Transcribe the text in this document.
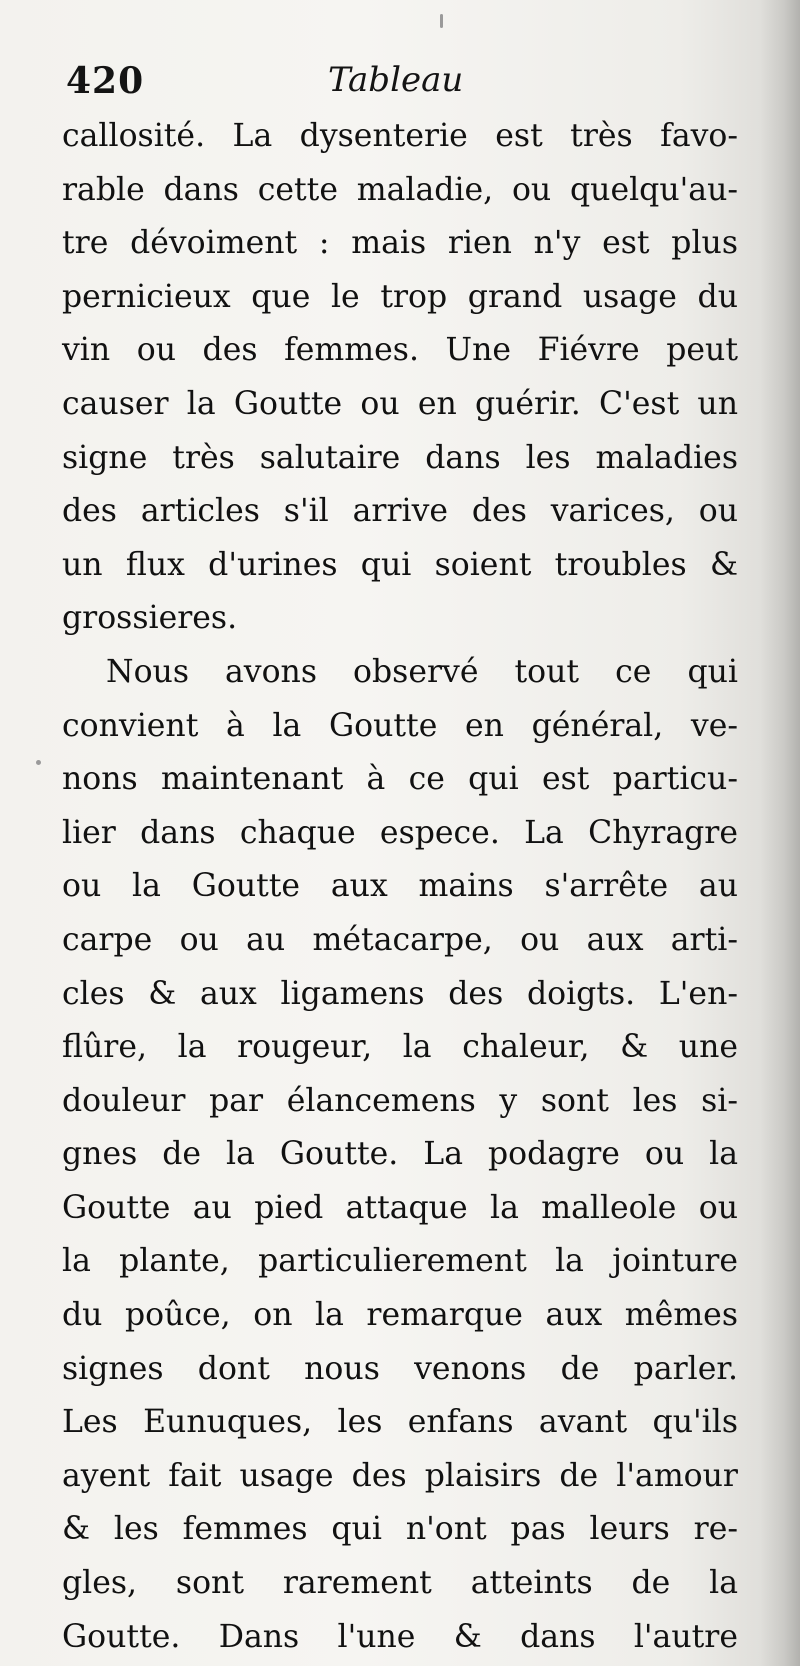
420	Tableau
callosité. La dysenterie est très favo-
rable dans cette maladie, ou quelqu'au-
tre dévoiment : mais rien n'y est plus
pernicieux que le trop grand usage du
vin ou des femmes. Une Fiévre peut
causer la Goutte ou en guérir. C'est un
signe très salutaire dans les maladies
des articles s'il arrive des varices, ou
un flux d'urines qui soient troubles &
grossieres.
Nous avons observé tout ce qui
convient à la Goutte en général, ve-
nons maintenant à ce qui est particu-
lier dans chaque espece. La Chyragre
ou la Goutte aux mains s'arrête au
carpe ou au métacarpe, ou aux arti-
cles & aux ligamens des doigts. L'en-
flûre, la rougeur, la chaleur, & une
douleur par élancemens y sont les si-
gnes de la Goutte. La podagre ou la
Goutte au pied attaque la malleole ou
la plante, particulierement la jointure
du poûce, on la remarque aux mêmes
signes dont nous venons de parler.
Les Eunuques, les enfans avant qu'ils
ayent fait usage des plaisirs de l'amour
& les femmes qui n'ont pas leurs re-
gles, sont rarement atteints de la
Goutte. Dans l'une & dans l'autre
